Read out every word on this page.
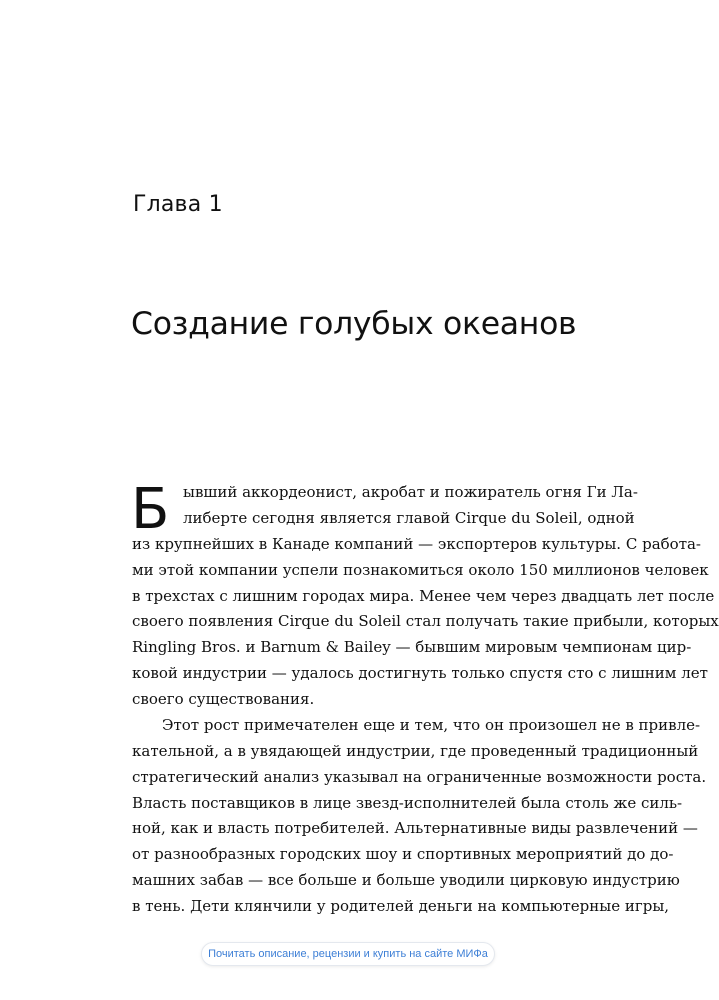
Глава 1
Создание голубых океанов
Б ывший аккордеонист, акробат и пожиратель огня Ги Ла-
либерте сегодня является главой Cirque du Soleil, одной
из крупнейших в Канаде компаний — экспортеров культуры. С работа-
ми этой компании успели познакомиться около 150 миллионов человек
в трехстах с лишним городах мира. Менее чем через двадцать лет после
своего появления Cirque du Soleil стал получать такие прибыли, которых
Ringling Bros. и Barnum & Bailey — бывшим мировым чемпионам цир-
ковой индустрии — удалось достигнуть только спустя сто с лишним лет
своего существования.
Этот рост примечателен еще и тем, что он произошел не в привле-
кательной, а в увядающей индустрии, где проведенный традиционный
стратегический анализ указывал на ограниченные возможности роста.
Власть поставщиков в лице звезд-исполнителей была столь же силь-
ной, как и власть потребителей. Альтернативные виды развлечений —
от разнообразных городских шоу и спортивных мероприятий до до-
машних забав — все больше и больше уводили цирковую индустрию
в тень. Дети клянчили у родителей деньги на компьютерные игры,
Почитать описание, рецензии и купить на сайте МИФа
